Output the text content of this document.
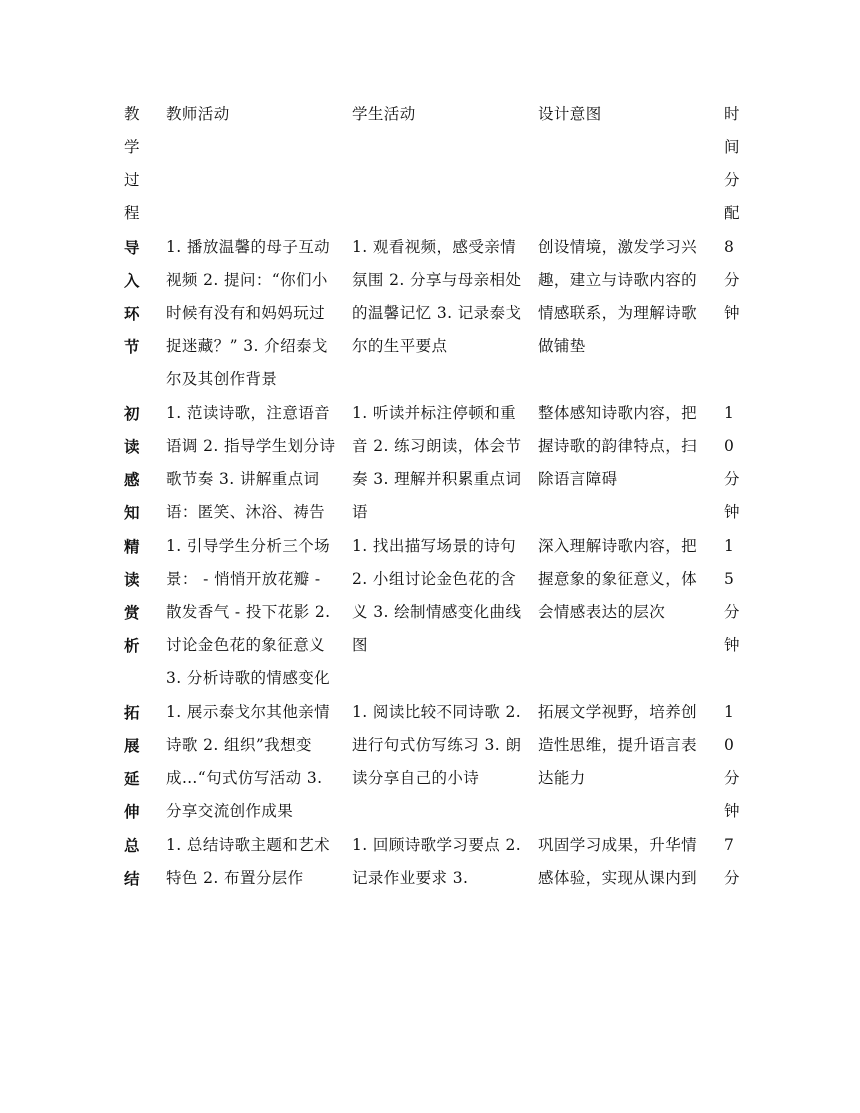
教学过程	教师活动	学生活动	设计意图	时间分配

导入环节	1. 播放温馨的母子互动视频 2. 提问：“你们小时候有没有和妈妈玩过捉迷藏？” 3. 介绍泰戈尔及其创作背景	1. 观看视频，感受亲情氛围 2. 分享与母亲相处的温馨记忆 3. 记录泰戈尔的生平要点	创设情境，激发学习兴趣，建立与诗歌内容的情感联系，为理解诗歌做铺垫	8分钟

初读感知	1. 范读诗歌，注意语音语调 2. 指导学生划分诗歌节奏 3. 讲解重点词语：匿笑、沐浴、祷告	1. 听读并标注停顿和重音 2. 练习朗读，体会节奏 3. 理解并积累重点词语	整体感知诗歌内容，把握诗歌的韵律特点，扫除语言障碍	10分钟

精读赏析	1. 引导学生分析三个场景： - 悄悄开放花瓣 - 散发香气 - 投下花影 2. 讨论金色花的象征意义 3. 分析诗歌的情感变化	1. 找出描写场景的诗句 2. 小组讨论金色花的含义 3. 绘制情感变化曲线图	深入理解诗歌内容，把握意象的象征意义，体会情感表达的层次	15分钟

拓展延伸	1. 展示泰戈尔其他亲情诗歌 2. 组织”我想变成…“句式仿写活动 3. 分享交流创作成果	1. 阅读比较不同诗歌 2. 进行句式仿写练习 3. 朗读分享自己的小诗	拓展文学视野，培养创造性思维，提升语言表达能力	10分钟

总结	1. 总结诗歌主题和艺术特色 2. 布置分层作	1. 回顾诗歌学习要点 2. 记录作业要求 3.	巩固学习成果，升华情感体验，实现从课内到	7分
